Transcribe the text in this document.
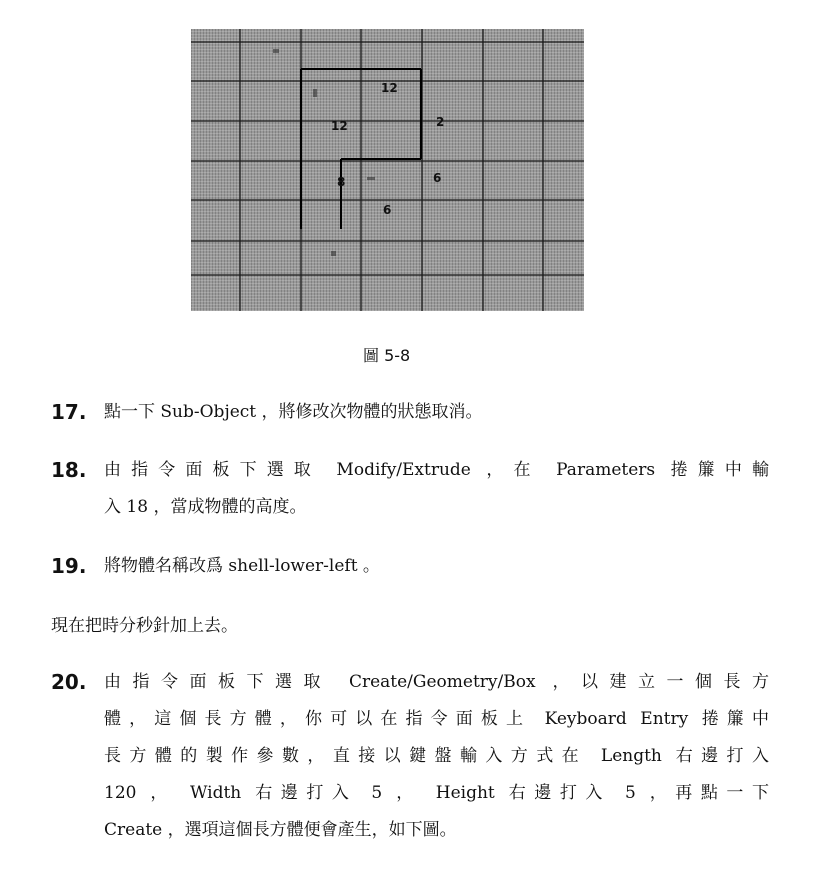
12
12	2
8	6
6
圖 5-8
17. 點一下 Sub-Object ，將修改次物體的狀態取消。
18. 由指令面板下選取 Modify/Extrude ，在 Parameters 捲簾中輸
入 18 ，當成物體的高度。
19. 將物體名稱改爲 shell-lower-left 。
現在把時分秒針加上去。
20. 由指令面板下選取 Create/Geometry/Box ，以建立一個長方
體，這個長方體，你可以在指令面板上 Keyboard Entry 捲簾中
長方體的製作參數，直接以鍵盤輸入方式在 Length 右邊打入
120 ， Width 右邊打入 5 ， Height 右邊打入 5 ，再點一下
Create ，選項這個長方體便會產生，如下圖。
